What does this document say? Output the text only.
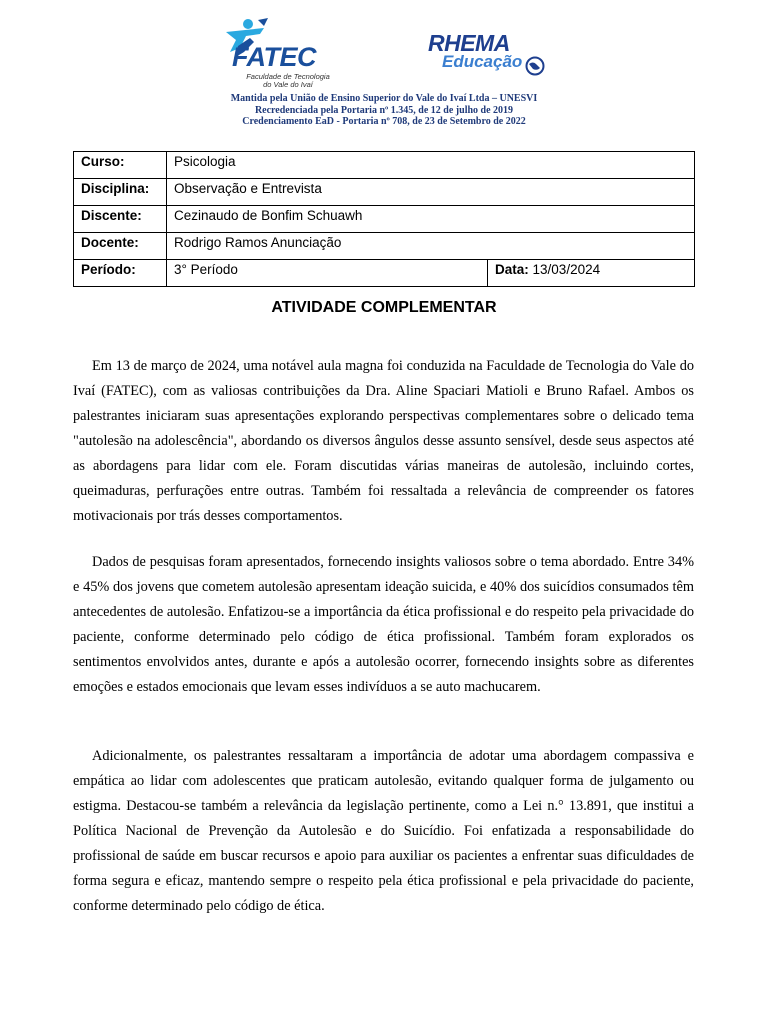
FATEC
Faculdade de Tecnologia
do Vale do Ivaí
RHEMA
Educação
Mantida pela União de Ensino Superior do Vale do Ivaí Ltda – UNESVI
Recredenciada pela Portaria nº 1.345, de 12 de julho de 2019
Credenciamento EaD - Portaria nº 708, de 23 de Setembro de 2022
Curso:	Psicologia	
Disciplina:	Observação e Entrevista	
Discente:	Cezinaudo de Bonfim Schuawh	
Docente:	Rodrigo Ramos Anunciação	
Período:	3° Período	Data: 13/03/2024
ATIVIDADE COMPLEMENTAR

Em 13 de março de 2024, uma notável aula magna foi conduzida na Faculdade de Tecnologia do Vale do Ivaí (FATEC), com as valiosas contribuições da Dra. Aline Spaciari Matioli e Bruno Rafael. Ambos os palestrantes iniciaram suas apresentações explorando perspectivas complementares sobre o delicado tema "autolesão na adolescência", abordando os diversos ângulos desse assunto sensível, desde seus aspectos até as abordagens para lidar com ele. Foram discutidas várias maneiras de autolesão, incluindo cortes, queimaduras, perfurações entre outras. Também foi ressaltada a relevância de compreender os fatores motivacionais por trás desses comportamentos.

Dados de pesquisas foram apresentados, fornecendo insights valiosos sobre o tema abordado. Entre 34% e 45% dos jovens que cometem autolesão apresentam ideação suicida, e 40% dos suicídios consumados têm antecedentes de autolesão. Enfatizou-se a importância da ética profissional e do respeito pela privacidade do paciente, conforme determinado pelo código de ética profissional. Também foram explorados os sentimentos envolvidos antes, durante e após a autolesão ocorrer, fornecendo insights sobre as diferentes emoções e estados emocionais que levam esses indivíduos a se auto machucarem.

Adicionalmente, os palestrantes ressaltaram a importância de adotar uma abordagem compassiva e empática ao lidar com adolescentes que praticam autolesão, evitando qualquer forma de julgamento ou estigma. Destacou-se também a relevância da legislação pertinente, como a Lei n.° 13.891, que institui a Política Nacional de Prevenção da Autolesão e do Suicídio. Foi enfatizada a responsabilidade do profissional de saúde em buscar recursos e apoio para auxiliar os pacientes a enfrentar suas dificuldades de forma segura e eficaz, mantendo sempre o respeito pela ética profissional e pela privacidade do paciente, conforme determinado pelo código de ética.
